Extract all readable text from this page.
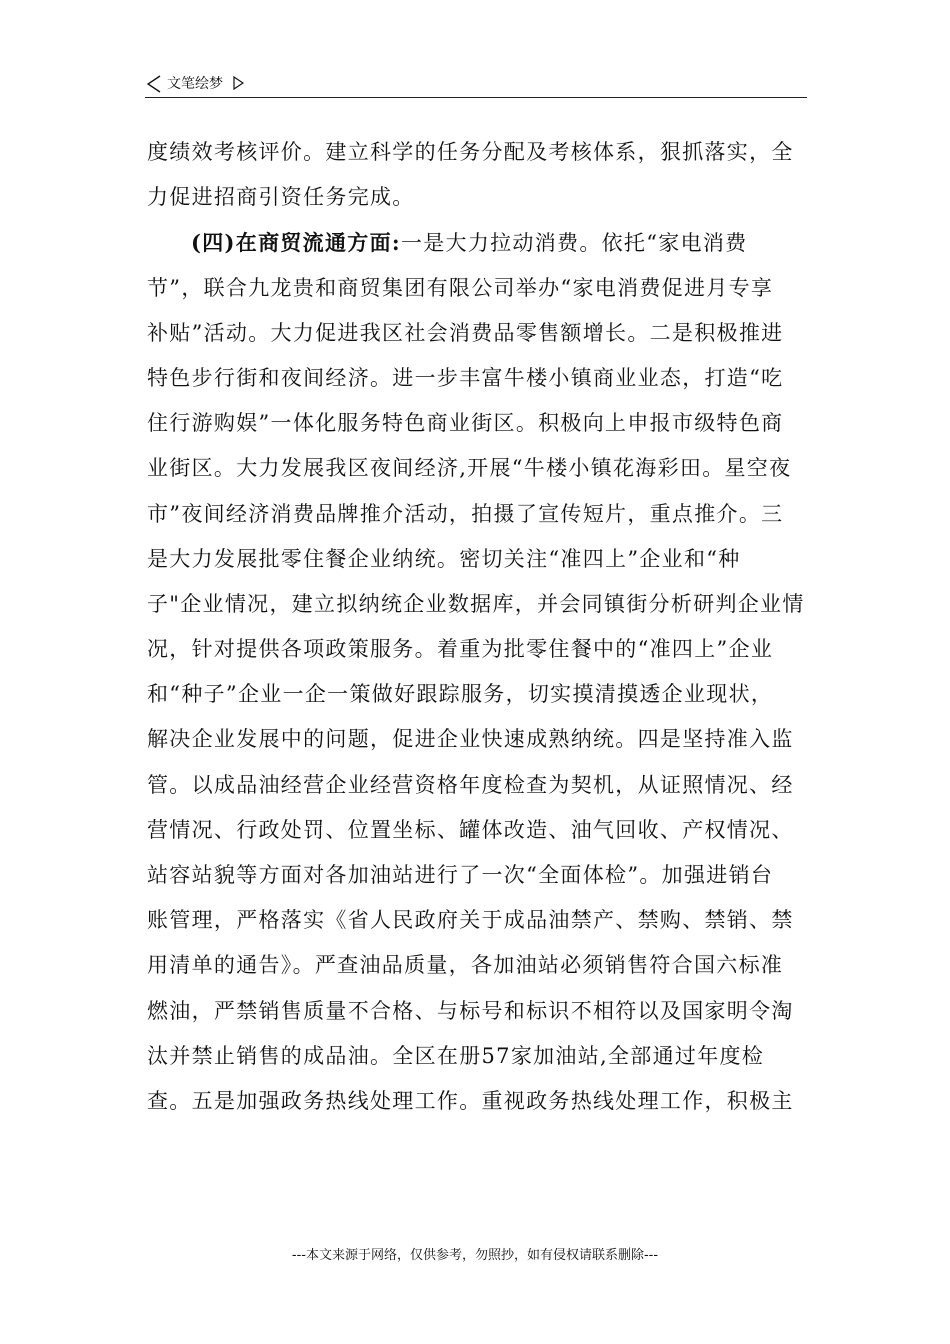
文笔绘梦
度绩效考核评价。建立科学的任务分配及考核体系，狠抓落实，全
力促进招商引资任务完成。
(四)在商贸流通方面:一是大力拉动消费。依托“家电消费
节”，联合九龙贵和商贸集团有限公司举办“家电消费促进月专享
补贴”活动。大力促进我区社会消费品零售额增长。二是积极推进
特色步行街和夜间经济。进一步丰富牛楼小镇商业业态，打造“吃
住行游购娱”一体化服务特色商业街区。积极向上申报市级特色商
业街区。大力发展我区夜间经济,开展“牛楼小镇花海彩田。星空夜
市”夜间经济消费品牌推介活动，拍摄了宣传短片，重点推介。三
是大力发展批零住餐企业纳统。密切关注“准四上”企业和“种
子"企业情况，建立拟纳统企业数据库，并会同镇街分析研判企业情
况，针对提供各项政策服务。着重为批零住餐中的“准四上”企业
和“种子”企业一企一策做好跟踪服务，切实摸清摸透企业现状，
解决企业发展中的问题，促进企业快速成熟纳统。四是坚持准入监
管。以成品油经营企业经营资格年度检查为契机，从证照情况、经
营情况、行政处罚、位置坐标、罐体改造、油气回收、产权情况、
站容站貌等方面对各加油站进行了一次“全面体检”。加强进销台
账管理，严格落实《省人民政府关于成品油禁产、禁购、禁销、禁
用清单的通告》。严查油品质量，各加油站必须销售符合国六标准
燃油，严禁销售质量不合格、与标号和标识不相符以及国家明令淘
汰并禁止销售的成品油。全区在册57家加油站,全部通过年度检
查。五是加强政务热线处理工作。重视政务热线处理工作，积极主
---本文来源于网络，仅供参考，勿照抄，如有侵权请联系删除---
